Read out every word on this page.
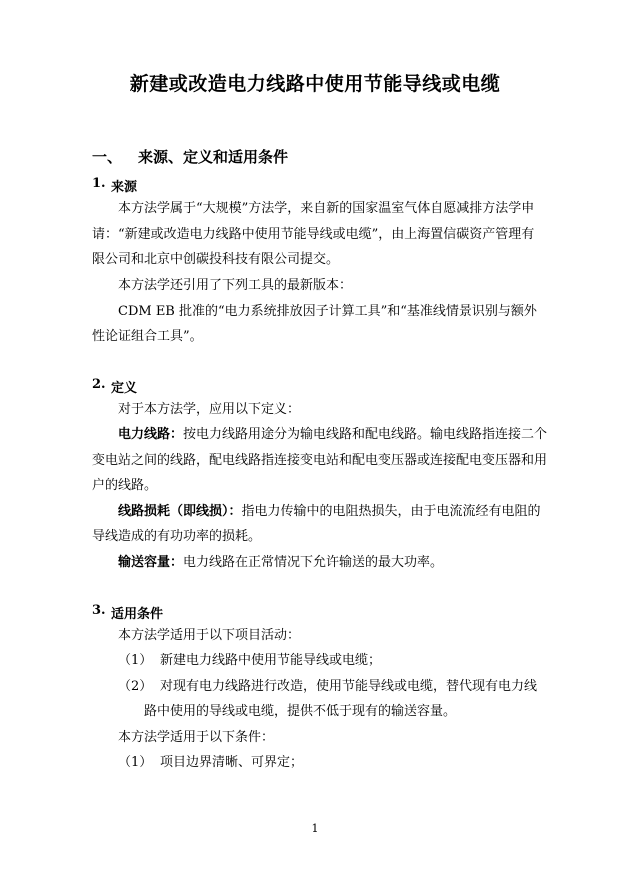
新建或改造电力线路中使用节能导线或电缆
一、 来源、定义和适用条件
1. 来源
本方法学属于“大规模”方法学，来自新的国家温室气体自愿减排方法学申
请：“新建或改造电力线路中使用节能导线或电缆”，由上海置信碳资产管理有
限公司和北京中创碳投科技有限公司提交。
本方法学还引用了下列工具的最新版本：
CDM EB 批准的“电力系统排放因子计算工具”和“基准线情景识别与额外
性论证组合工具”。
2. 定义
对于本方法学，应用以下定义：
电力线路：按电力线路用途分为输电线路和配电线路。输电线路指连接二个
变电站之间的线路，配电线路指连接变电站和配电变压器或连接配电变压器和用
户的线路。
线路损耗（即线损）：指电力传输中的电阻热损失，由于电流流经有电阻的
导线造成的有功功率的损耗。
输送容量：电力线路在正常情况下允许输送的最大功率。
3. 适用条件
本方法学适用于以下项目活动：
（1） 新建电力线路中使用节能导线或电缆；
（2） 对现有电力线路进行改造，使用节能导线或电缆，替代现有电力线
路中使用的导线或电缆，提供不低于现有的输送容量。
本方法学适用于以下条件：
（1） 项目边界清晰、可界定；
1
